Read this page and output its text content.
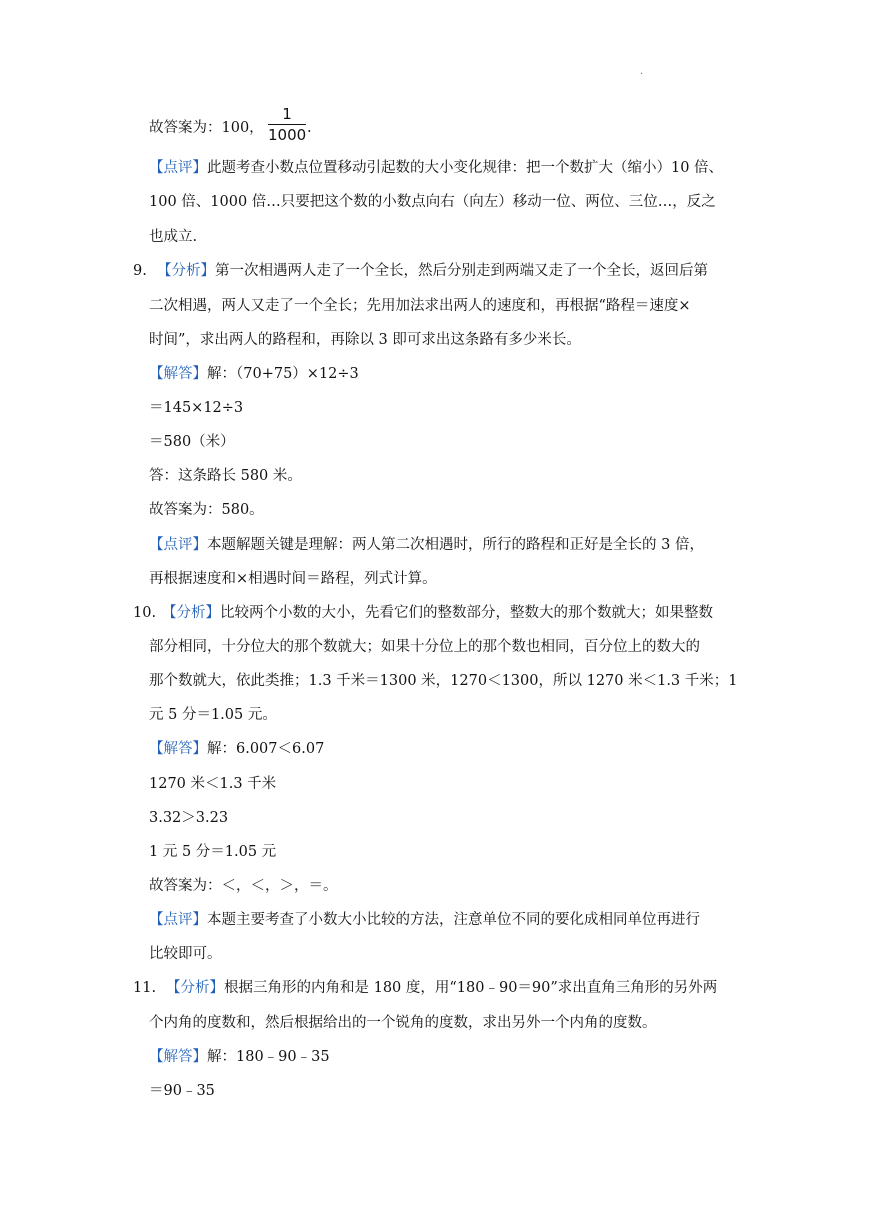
.
故答案为：100，
1
1000 .
【点评】此题考查小数点位置移动引起数的大小变化规律：把一个数扩大（缩小）10 倍、
100 倍、1000 倍…只要把这个数的小数点向右（向左）移动一位、两位、三位…，反之
也成立.
9. 【分析】第一次相遇两人走了一个全长，然后分别走到两端又走了一个全长，返回后第
二次相遇，两人又走了一个全长；先用加法求出两人的速度和，再根据“路程＝速度×
时间”，求出两人的路程和，再除以 3 即可求出这条路有多少米长。
【解答】解：（70+75）×12÷3
＝145×12÷3
＝580（米）
答：这条路长 580 米。
故答案为：580。
【点评】本题解题关键是理解：两人第二次相遇时，所行的路程和正好是全长的 3 倍，
再根据速度和×相遇时间＝路程，列式计算。
10. 【分析】比较两个小数的大小，先看它们的整数部分，整数大的那个数就大；如果整数
部分相同，十分位大的那个数就大；如果十分位上的那个数也相同，百分位上的数大的
那个数就大，依此类推；1.3 千米＝1300 米，1270＜1300，所以 1270 米＜1.3 千米；1
元 5 分＝1.05 元。
【解答】解：6.007＜6.07
1270 米＜1.3 千米
3.32＞3.23
1 元 5 分＝1.05 元
故答案为：＜，＜，＞，＝。
【点评】本题主要考查了小数大小比较的方法，注意单位不同的要化成相同单位再进行
比较即可。
11. 【分析】根据三角形的内角和是 180 度，用“180﹣90＝90”求出直角三角形的另外两
个内角的度数和，然后根据给出的一个锐角的度数，求出另外一个内角的度数。
【解答】解：180﹣90﹣35
＝90﹣35
